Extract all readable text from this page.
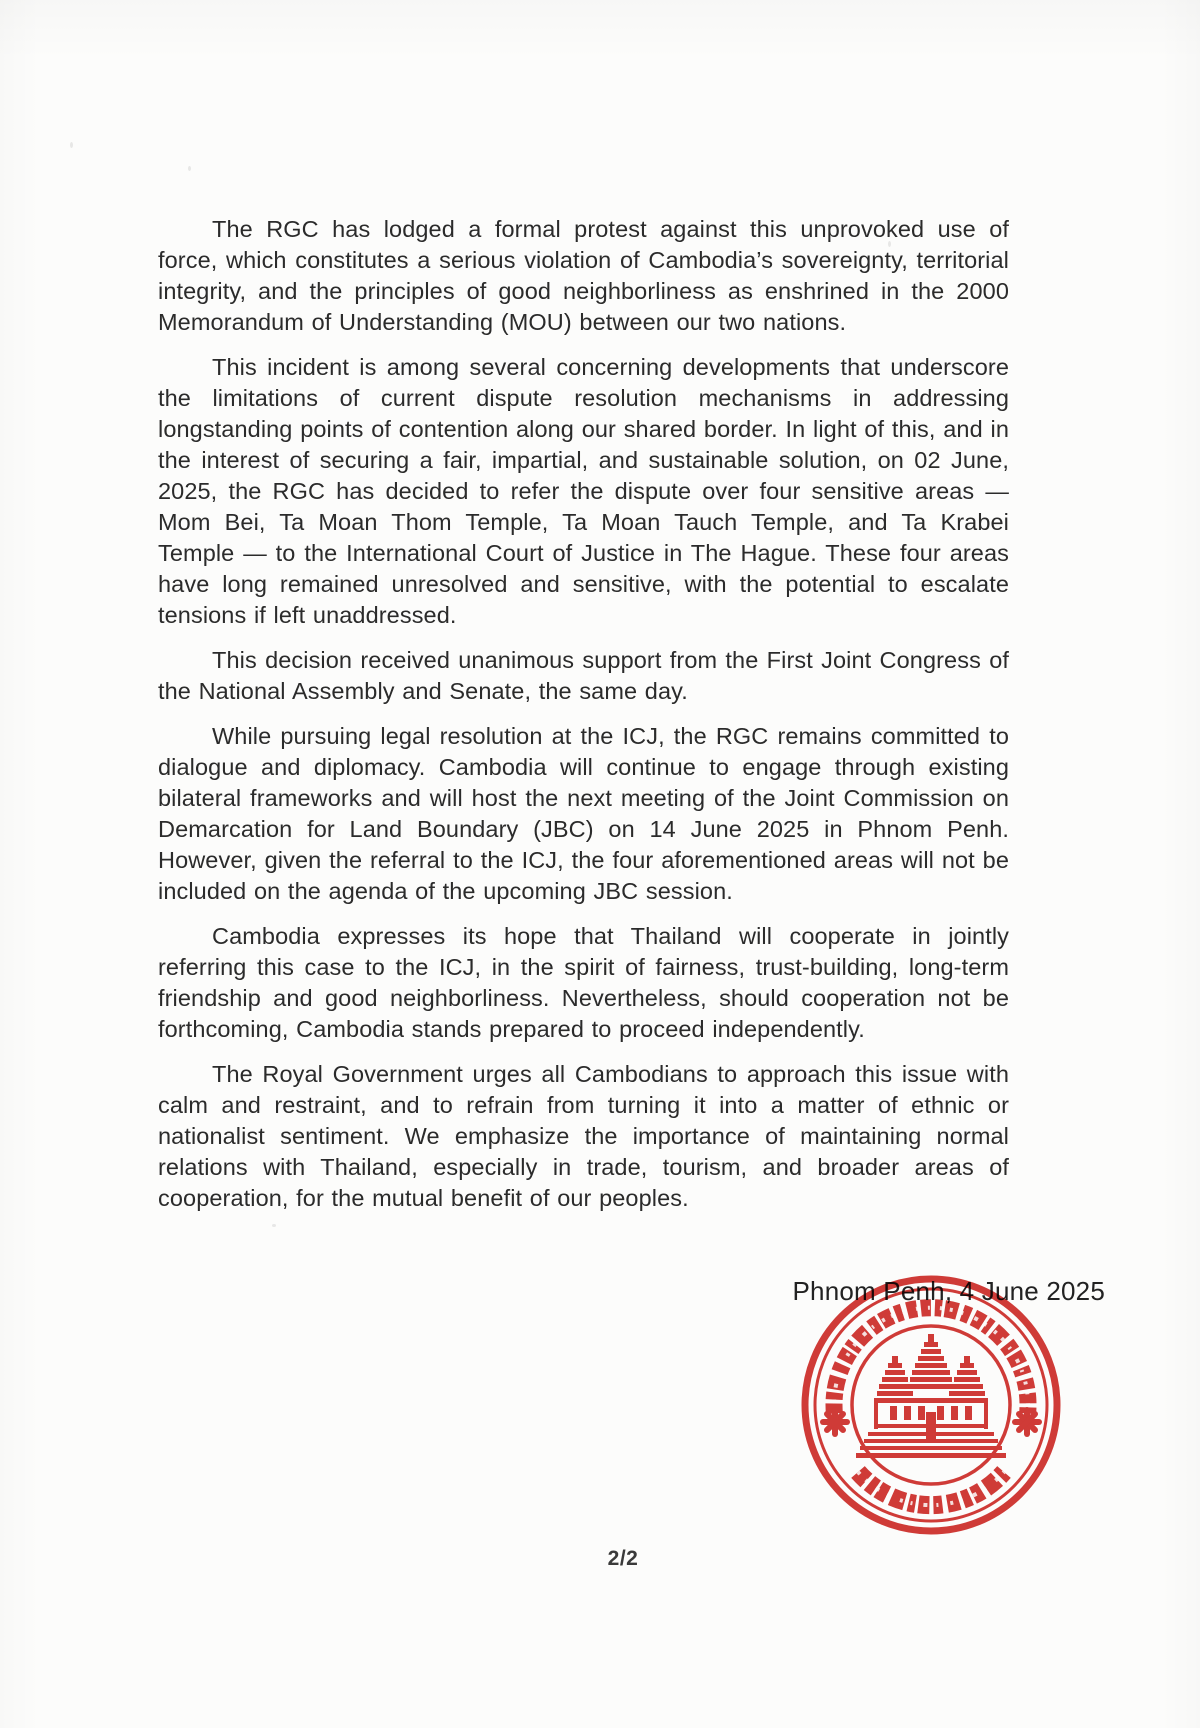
The RGC has lodged a formal protest against this unprovoked use of force, which constitutes a serious violation of Cambodia’s sovereignty, territorial integrity, and the principles of good neighborliness as enshrined in the 2000 Memorandum of Understanding (MOU) between our two nations.

This incident is among several concerning developments that underscore the limitations of current dispute resolution mechanisms in addressing longstanding points of contention along our shared border. In light of this, and in the interest of securing a fair, impartial, and sustainable solution, on 02 June, 2025, the RGC has decided to refer the dispute over four sensitive areas — Mom Bei, Ta Moan Thom Temple, Ta Moan Tauch Temple, and Ta Krabei Temple — to the International Court of Justice in The Hague. These four areas have long remained unresolved and sensitive, with the potential to escalate tensions if left unaddressed.

This decision received unanimous support from the First Joint Congress of the National Assembly and Senate, the same day.

While pursuing legal resolution at the ICJ, the RGC remains committed to dialogue and diplomacy. Cambodia will continue to engage through existing bilateral frameworks and will host the next meeting of the Joint Commission on Demarcation for Land Boundary (JBC) on 14 June 2025 in Phnom Penh. However, given the referral to the ICJ, the four aforementioned areas will not be included on the agenda of the upcoming JBC session.

Cambodia expresses its hope that Thailand will cooperate in jointly referring this case to the ICJ, in the spirit of fairness, trust-building, long-term friendship and good neighborliness. Nevertheless, should cooperation not be forthcoming, Cambodia stands prepared to proceed independently.

The Royal Government urges all Cambodians to approach this issue with calm and restraint, and to refrain from turning it into a matter of ethnic or nationalist sentiment. We emphasize the importance of maintaining normal relations with Thailand, especially in trade, tourism, and broader areas of cooperation, for the mutual benefit of our peoples.

Phnom Penh, 4 June 2025
2/2
